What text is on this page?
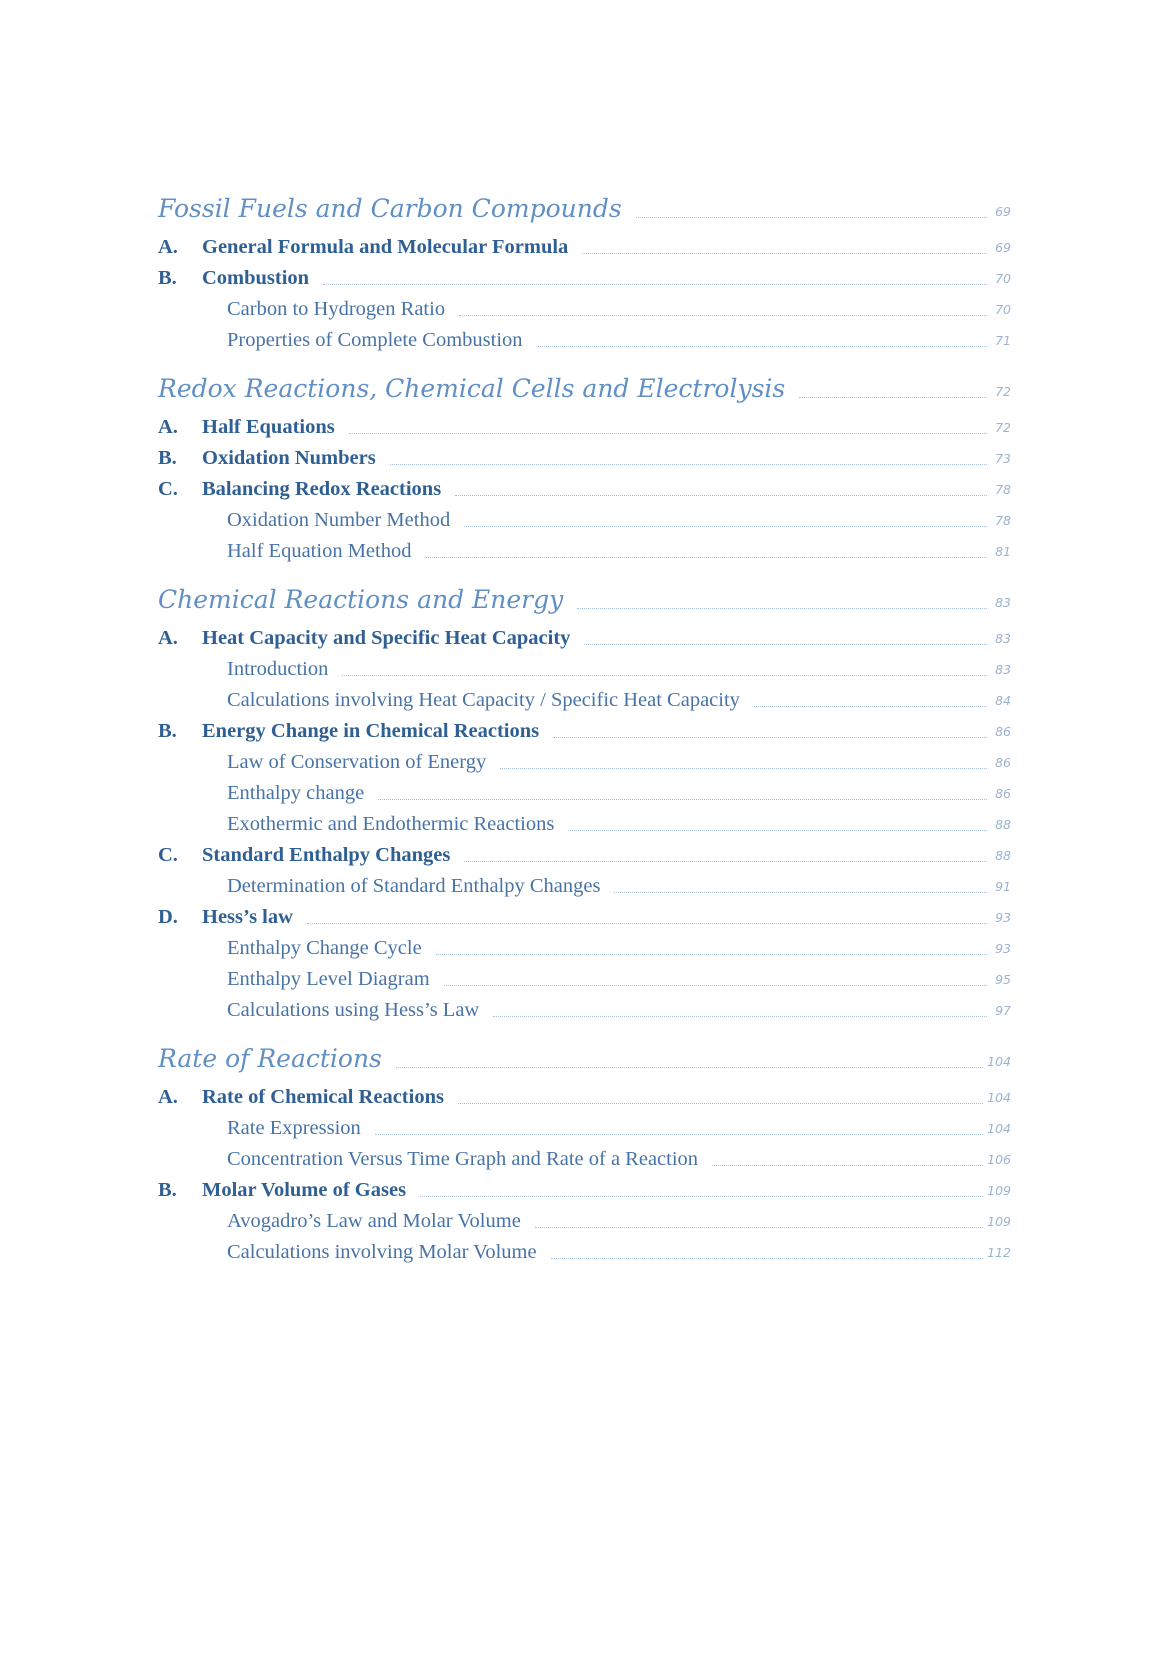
Fossil Fuels and Carbon Compounds	69
A.	General Formula and Molecular Formula	69
B.	Combustion	70
Carbon to Hydrogen Ratio	70
Properties of Complete Combustion	71
Redox Reactions, Chemical Cells and Electrolysis	72
A.	Half Equations	72
B.	Oxidation Numbers	73
C.	Balancing Redox Reactions	78
Oxidation Number Method	78
Half Equation Method	81
Chemical Reactions and Energy	83
A.	Heat Capacity and Specific Heat Capacity	83
Introduction	83
Calculations involving Heat Capacity / Specific Heat Capacity	84
B.	Energy Change in Chemical Reactions	86
Law of Conservation of Energy	86
Enthalpy change	86
Exothermic and Endothermic Reactions	88
C.	Standard Enthalpy Changes	88
Determination of Standard Enthalpy Changes	91
D.	Hess’s law	93
Enthalpy Change Cycle	93
Enthalpy Level Diagram	95
Calculations using Hess’s Law	97
Rate of Reactions	104
A.	Rate of Chemical Reactions	104
Rate Expression	104
Concentration Versus Time Graph and Rate of a Reaction	106
B.	Molar Volume of Gases	109
Avogadro’s Law and Molar Volume	109
Calculations involving Molar Volume	112
